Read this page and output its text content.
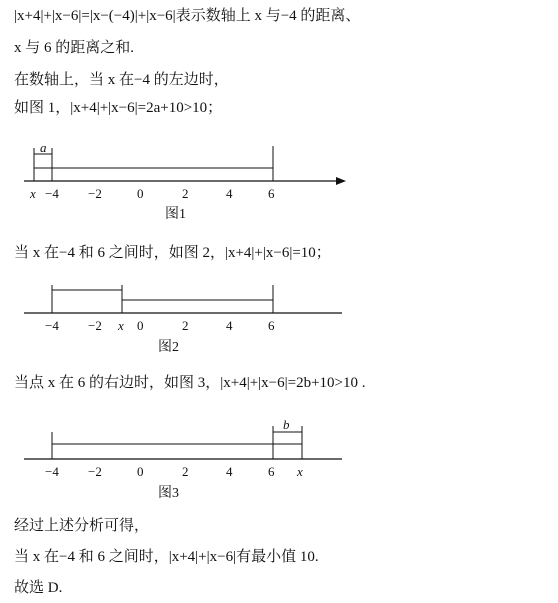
|x+4|+|x−6|=|x−(−4)|+|x−6|表示数轴上 x 与−4 的距离、
x 与 6 的距离之和.
在数轴上，当 x 在−4 的左边时，
如图 1，|x+4|+|x−6|=2a+10>10；
a
x −4 −2	0	2	4	6
图1
当 x 在−4 和 6 之间时，如图 2，|x+4|+|x−6|=10；
−4 −2 x 0	2	4	6
图2
当点 x 在 6 的右边时，如图 3，|x+4|+|x−6|=2b+10>10 .
b
−4 −2	0	2	4	6 x
图3
经过上述分析可得，
当 x 在−4 和 6 之间时，|x+4|+|x−6|有最小值 10.
故选 D.
